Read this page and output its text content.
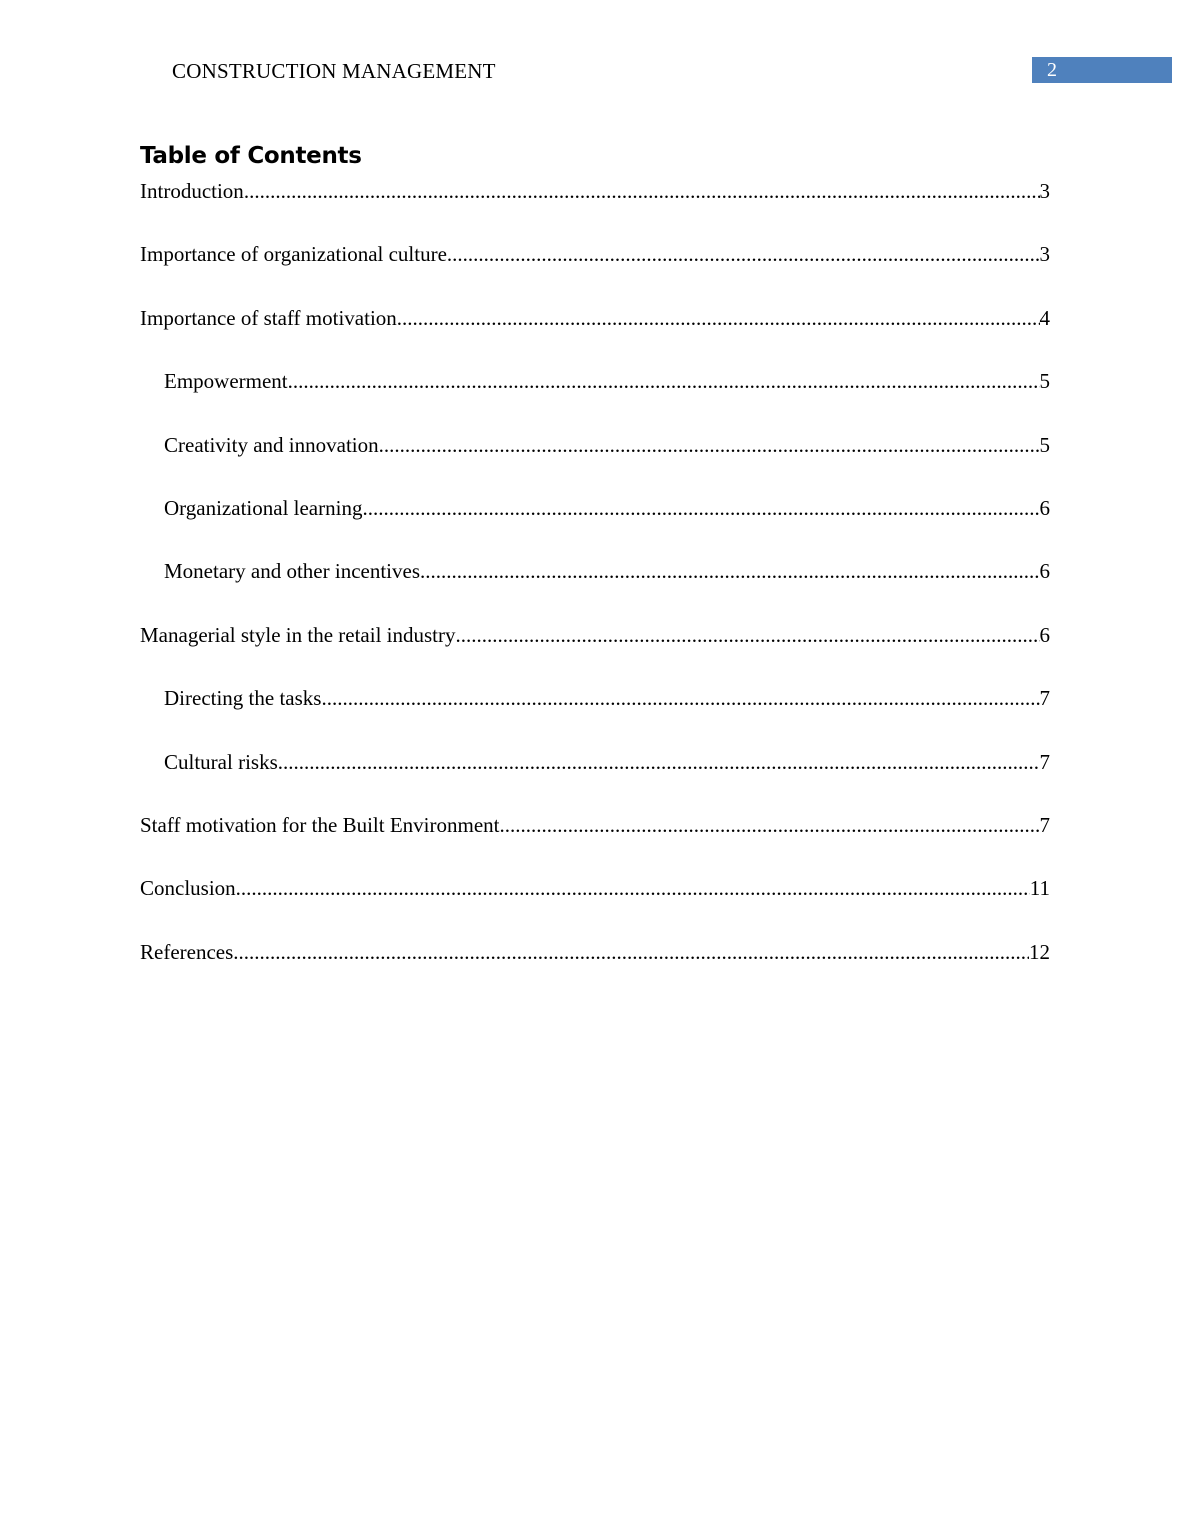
CONSTRUCTION MANAGEMENT	2
Table of Contents
Introduction .....	3
Importance of organizational culture .....	3
Importance of staff motivation .....	4
Empowerment .....	5
Creativity and innovation .....	5
Organizational learning .....	6
Monetary and other incentives .....	6
Managerial style in the retail industry .....	6
Directing the tasks .....	7
Cultural risks .....	7
Staff motivation for the Built Environment .....	7
Conclusion .....	11
References .....	12
